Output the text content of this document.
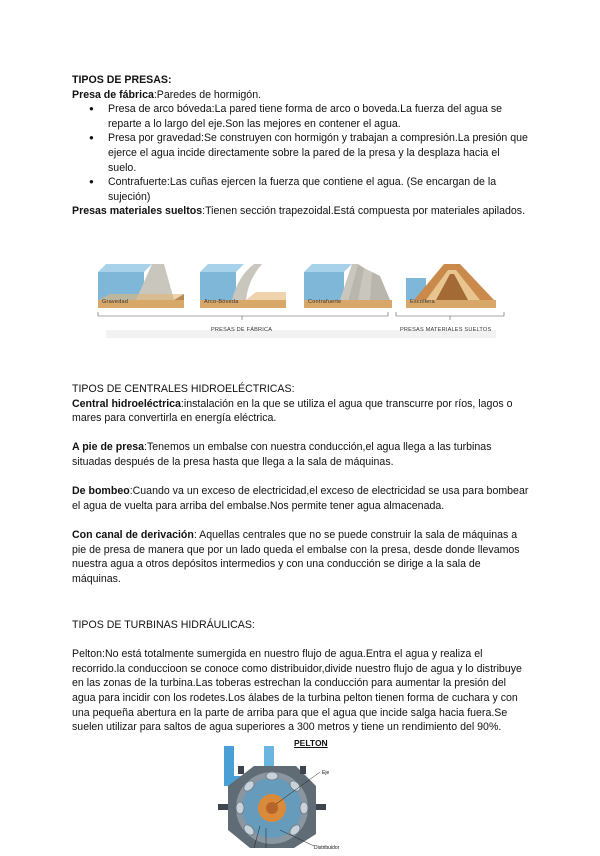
TIPOS DE PRESAS:

Presa de fábrica:Paredes de hormigón.

● Presa de arco bóveda:La pared tiene forma de arco o boveda.La fuerza del agua se reparte a lo largo del eje.Son las mejores en contener el agua.
● Presa por gravedad:Se construyen con hormigón y trabajan a compresión.La presión que ejerce el agua incide directamente sobre la pared de la presa y la desplaza hacia el suelo.
● Contrafuerte:Las cuñas ejercen la fuerza que contiene el agua. (Se encargan de la sujeción)

Presas materiales sueltos:Tienen sección trapezoidal.Está compuesta por materiales apilados.

Gravedad	Arco-Bóveda	Contrafuerte	Escollera
PRESAS DE FÁBRICA	PRESAS MATERIALES SUELTOS

TIPOS DE CENTRALES HIDROELÉCTRICAS:

Central hidroeléctrica:instalación en la que se utiliza el agua que transcurre por ríos, lagos o mares para convertirla en energía eléctrica.

A pie de presa:Tenemos un embalse con nuestra conducción,el agua llega a las turbinas situadas después de la presa hasta que llega a la sala de máquinas.

De bombeo:Cuando va un exceso de electricidad,el exceso de electricidad se usa para bombear el agua de vuelta para arriba del embalse.Nos permite tener agua almacenada.

Con canal de derivación: Aquellas centrales que no se puede construir la sala de máquinas a pie de presa de manera que por un lado queda el embalse con la presa, desde donde llevamos nuestra agua a otros depósitos intermedios y con una conducción se dirige a la sala de máquinas.

TIPOS DE TURBINAS HIDRÁULICAS:

Pelton:No está totalmente sumergida en nuestro flujo de agua.Entra el agua y realiza el recorrido.la conduccioon se conoce como distribuidor,divide nuestro flujo de agua y lo distribuye en las zonas de la turbina.Las toberas estrechan la conducción para aumentar la presión del agua para incidir con los rodetes.Los álabes de la turbina pelton tienen forma de cuchara y con una pequeña abertura en la parte de arriba para que el agua que incide salga hacia fuera.Se suelen utilizar para saltos de agua superiores a 300 metros y tiene un rendimiento del 90%.

PELTON
Eje
Distribuidor
